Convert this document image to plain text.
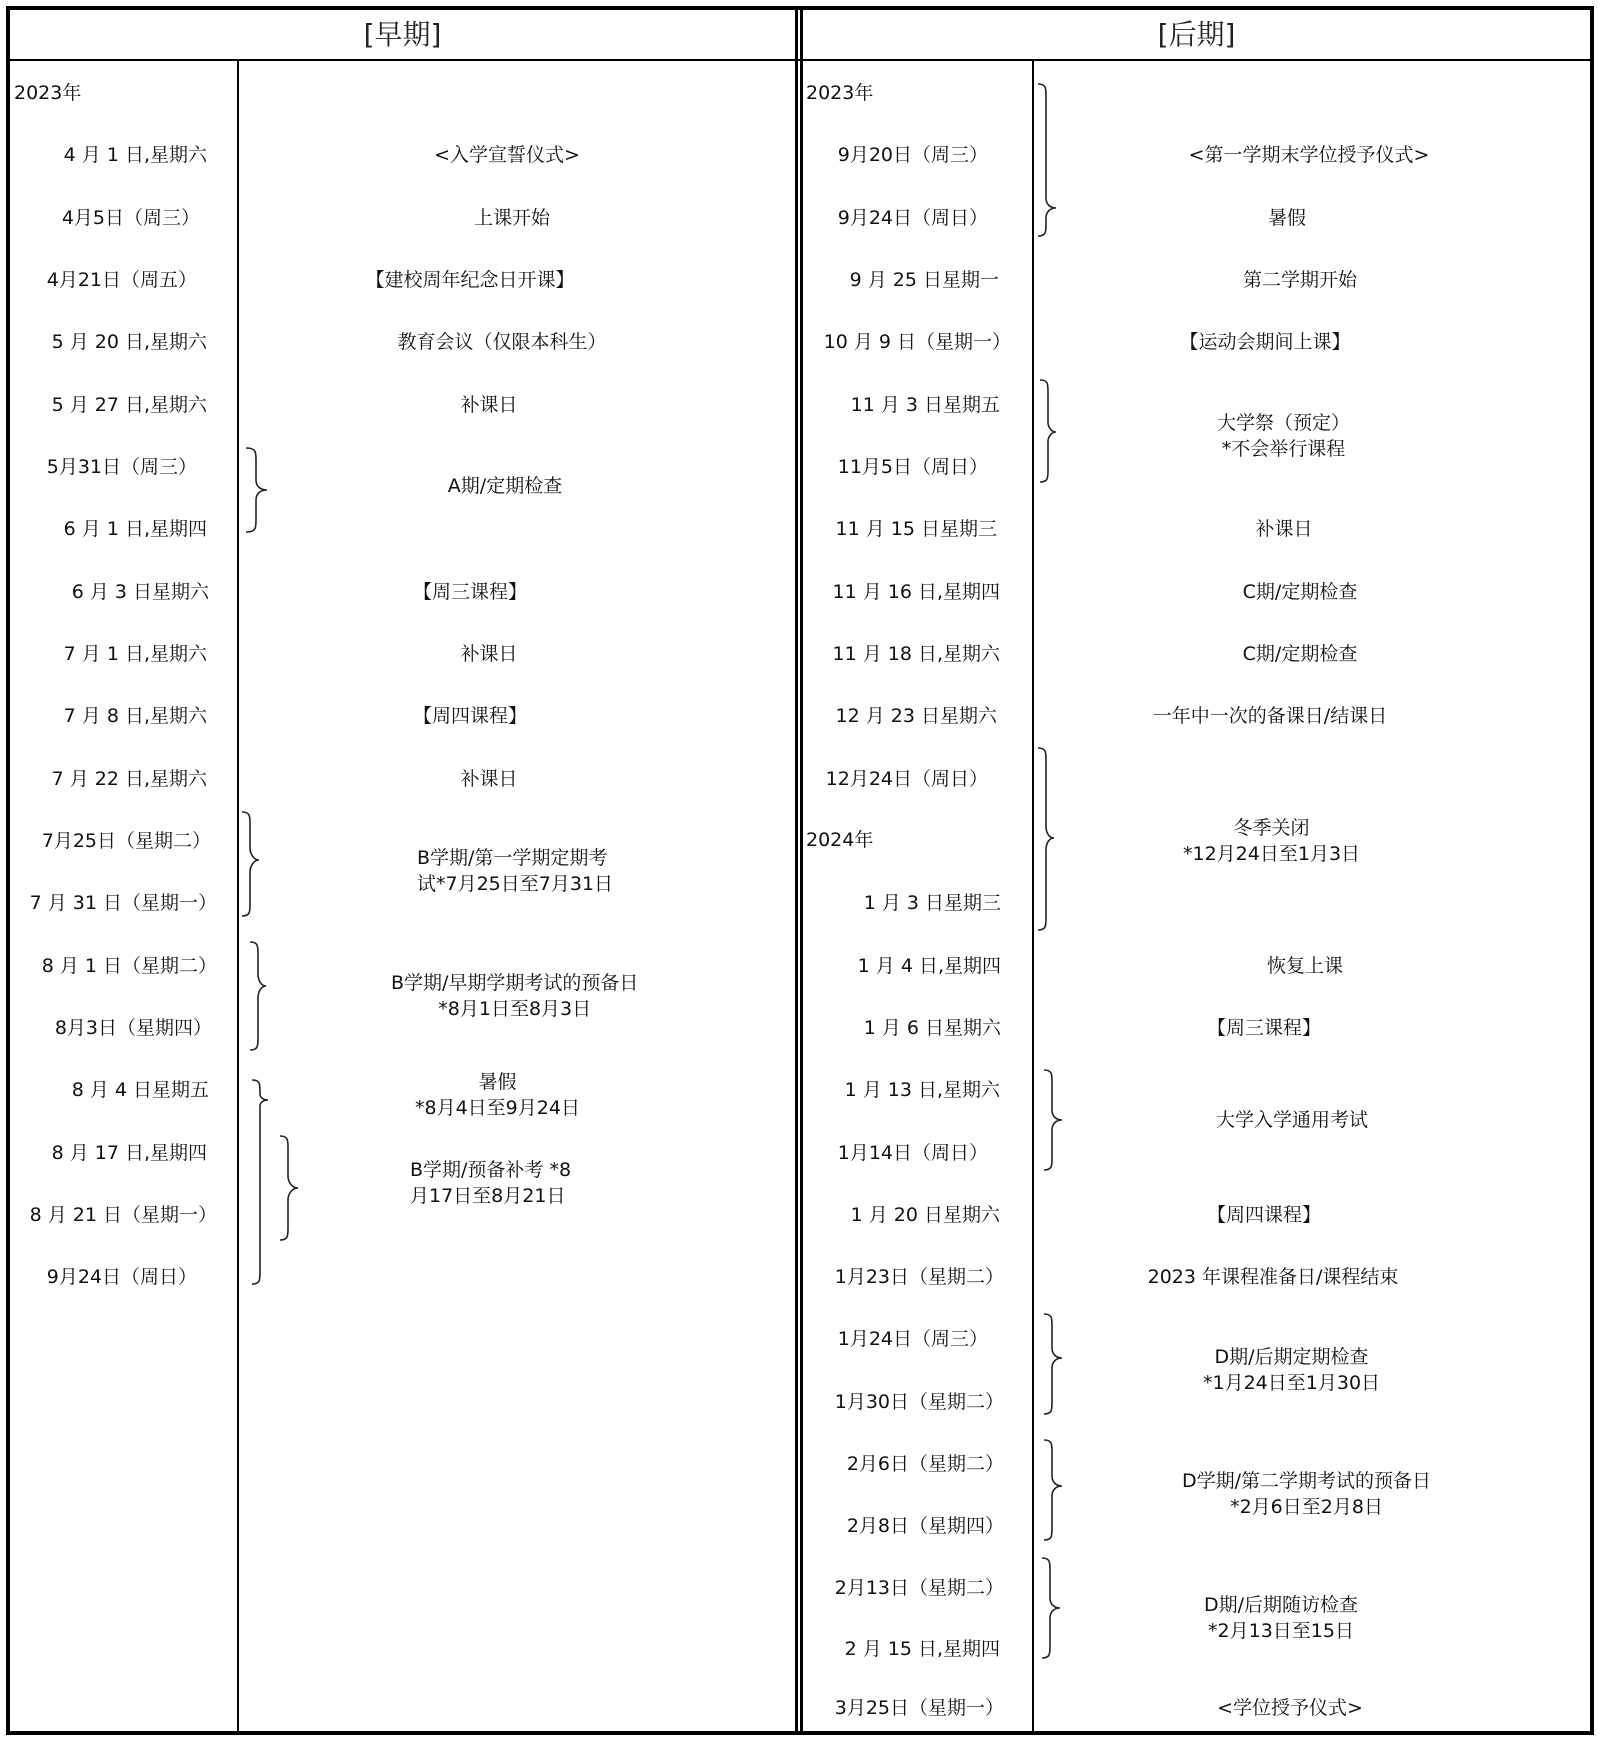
[早期]	[后期]
2023年
4 月 1 日,星期六
4月5日（周三）
4月21日（周五）
5 月 20 日,星期六
5 月 27 日,星期六
5月31日（周三）
6 月 1 日,星期四
6 月 3 日星期六
7 月 1 日,星期六
7 月 8 日,星期六
7 月 22 日,星期六
7月25日（星期二）
7 月 31 日（星期一）
8 月 1 日（星期二）
8月3日（星期四）
8 月 4 日星期五
8 月 17 日,星期四
8 月 21 日（星期一）
9月24日（周日）
<入学宣誓仪式>
上课开始
【建校周年纪念日开课】
教育会议（仅限本科生）
补课日
A期/定期检查
【周三课程】
补课日
【周四课程】
补课日
B学期/第一学期定期考
试*7月25日至7月31日
B学期/早期学期考试的预备日
*8月1日至8月3日
暑假
*8月4日至9月24日
B学期/预备补考 *8
月17日至8月21日
2023年
2024年
9月20日（周三）
9月24日（周日）
9 月 25 日星期一
10 月 9 日（星期一）
11 月 3 日星期五
11月5日（周日）
11 月 15 日星期三
11 月 16 日,星期四
11 月 18 日,星期六
12 月 23 日星期六
12月24日（周日）
1 月 3 日星期三
1 月 4 日,星期四
1 月 6 日星期六
1 月 13 日,星期六
1月14日（周日）
1 月 20 日星期六
1月23日（星期二）
1月24日（周三）
1月30日（星期二）
2月6日（星期二）
2月8日（星期四）
2月13日（星期二）
2 月 15 日,星期四
3月25日（星期一）
<第一学期末学位授予仪式>
暑假
第二学期开始
【运动会期间上课】
大学祭（预定）
*不会举行课程
补课日
C期/定期检查
C期/定期检查
一年中一次的备课日/结课日
冬季关闭
*12月24日至1月3日
恢复上课
【周三课程】
大学入学通用考试
【周四课程】
2023 年课程准备日/课程结束
D期/后期定期检查
*1月24日至1月30日
D学期/第二学期考试的预备日
*2月6日至2月8日
D期/后期随访检查
*2月13日至15日
<学位授予仪式>
